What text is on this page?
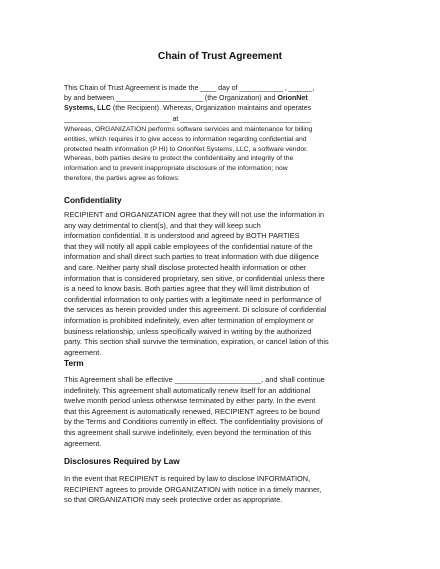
Chain of Trust Agreement
This Chain of Trust Agreement is made the ____ day of ___________ , ______,
by and between ______________________ (the Organization) and OrionNet
Systems, LLC (the Recipient). Whereas, Organization maintains and operates
___________________________ at _________________________________
Whereas, ORGANIZATION performs software services and maintenance for billing
entities, which requires it to give access to information regarding confidential and
protected health information (P HI) to OrionNet Systems, LLC, a software vendor.
Whereas, both parties desire to protect the confidentiality and integrity of the
information and to prevent inappropriate disclosure of the information; now
therefore, the parties agree as follows:
Confidentiality
RECIPIENT and ORGANIZATION agree that they will not use the information in
any way detrimental to client(s), and that they will keep such
information confidential. It is understood and agreed by BOTH PARTIES
that they will notify all appli cable employees of the confidential nature of the
information and shall direct such parties to treat information with due diligence
and care. Neither party shall disclose protected health information or other
information that is considered proprietary, sen sitive, or confidential unless there
is a need to know basis. Both parties agree that they will limit distribution of
confidential information to only parties with a legitimate need in performance of
the services as herein provided under this agreement. Di sclosure of confidential
information is prohibited indefinitely, even after termination of employment or
business relationship, unless specifically waived in writing by the authorized
party. This section shall survive the termination, expiration, or cancel lation of this
agreement.
Term
This Agreement shall be effective _____________________, and shall continue
indefinitely. This agreement shall automatically renew itself for an additional
twelve month period unless otherwise terminated by either party. In the event
that this Agreement is automatically renewed, RECIPIENT agrees to be bound
by the Terms and Conditions currently in effect. The confidentiality provisions of
this agreement shall survive indefinitely, even beyond the termination of this
agreement.
Disclosures Required by Law
In the event that RECIPIENT is required by law to disclose INFORMATION,
RECIPIENT agrees to provide ORGANIZATION with notice in a timely manner,
so that ORGANIZATION may seek protective order as appropriate.
